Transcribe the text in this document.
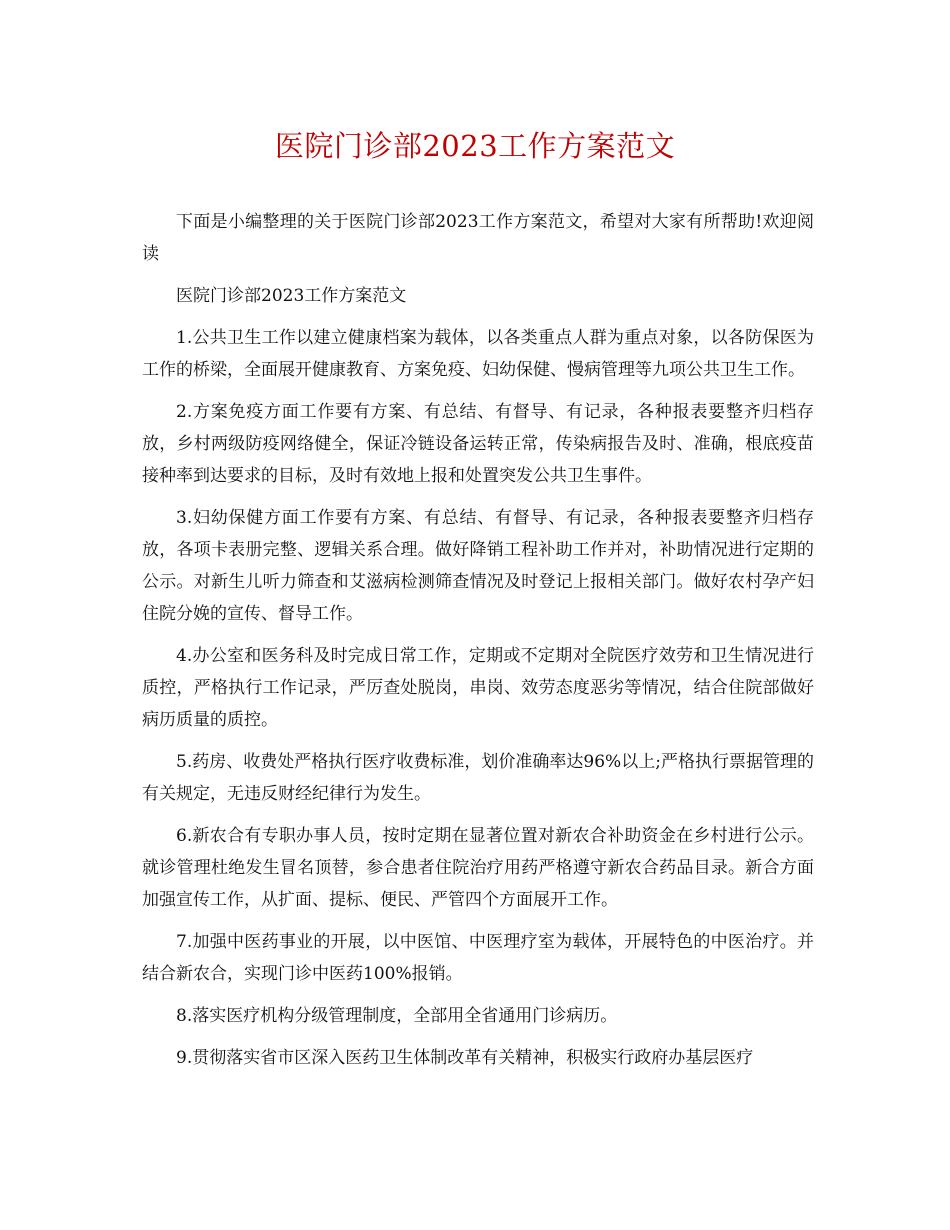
医院门诊部2023工作方案范文

下面是小编整理的关于医院门诊部2023工作方案范文，希望对大家有所帮助!欢迎阅读

医院门诊部2023工作方案范文

1.公共卫生工作以建立健康档案为载体，以各类重点人群为重点对象，以各防保医为工作的桥梁，全面展开健康教育、方案免疫、妇幼保健、慢病管理等九项公共卫生工作。

2.方案免疫方面工作要有方案、有总结、有督导、有记录，各种报表要整齐归档存放，乡村两级防疫网络健全，保证冷链设备运转正常，传染病报告及时、准确，根底疫苗接种率到达要求的目标，及时有效地上报和处置突发公共卫生事件。

3.妇幼保健方面工作要有方案、有总结、有督导、有记录，各种报表要整齐归档存放，各项卡表册完整、逻辑关系合理。做好降销工程补助工作并对，补助情况进行定期的公示。对新生儿听力筛查和艾滋病检测筛查情况及时登记上报相关部门。做好农村孕产妇住院分娩的宣传、督导工作。

4.办公室和医务科及时完成日常工作，定期或不定期对全院医疗效劳和卫生情况进行质控，严格执行工作记录，严厉查处脱岗，串岗、效劳态度恶劣等情况，结合住院部做好病历质量的质控。

5.药房、收费处严格执行医疗收费标准，划价准确率达96%以上;严格执行票据管理的有关规定，无违反财经纪律行为发生。

6.新农合有专职办事人员，按时定期在显著位置对新农合补助资金在乡村进行公示。就诊管理杜绝发生冒名顶替，参合患者住院治疗用药严格遵守新农合药品目录。新合方面加强宣传工作，从扩面、提标、便民、严管四个方面展开工作。

7.加强中医药事业的开展，以中医馆、中医理疗室为载体，开展特色的中医治疗。并结合新农合，实现门诊中医药100%报销。

8.落实医疗机构分级管理制度，全部用全省通用门诊病历。

9.贯彻落实省市区深入医药卫生体制改革有关精神，积极实行政府办基层医疗
